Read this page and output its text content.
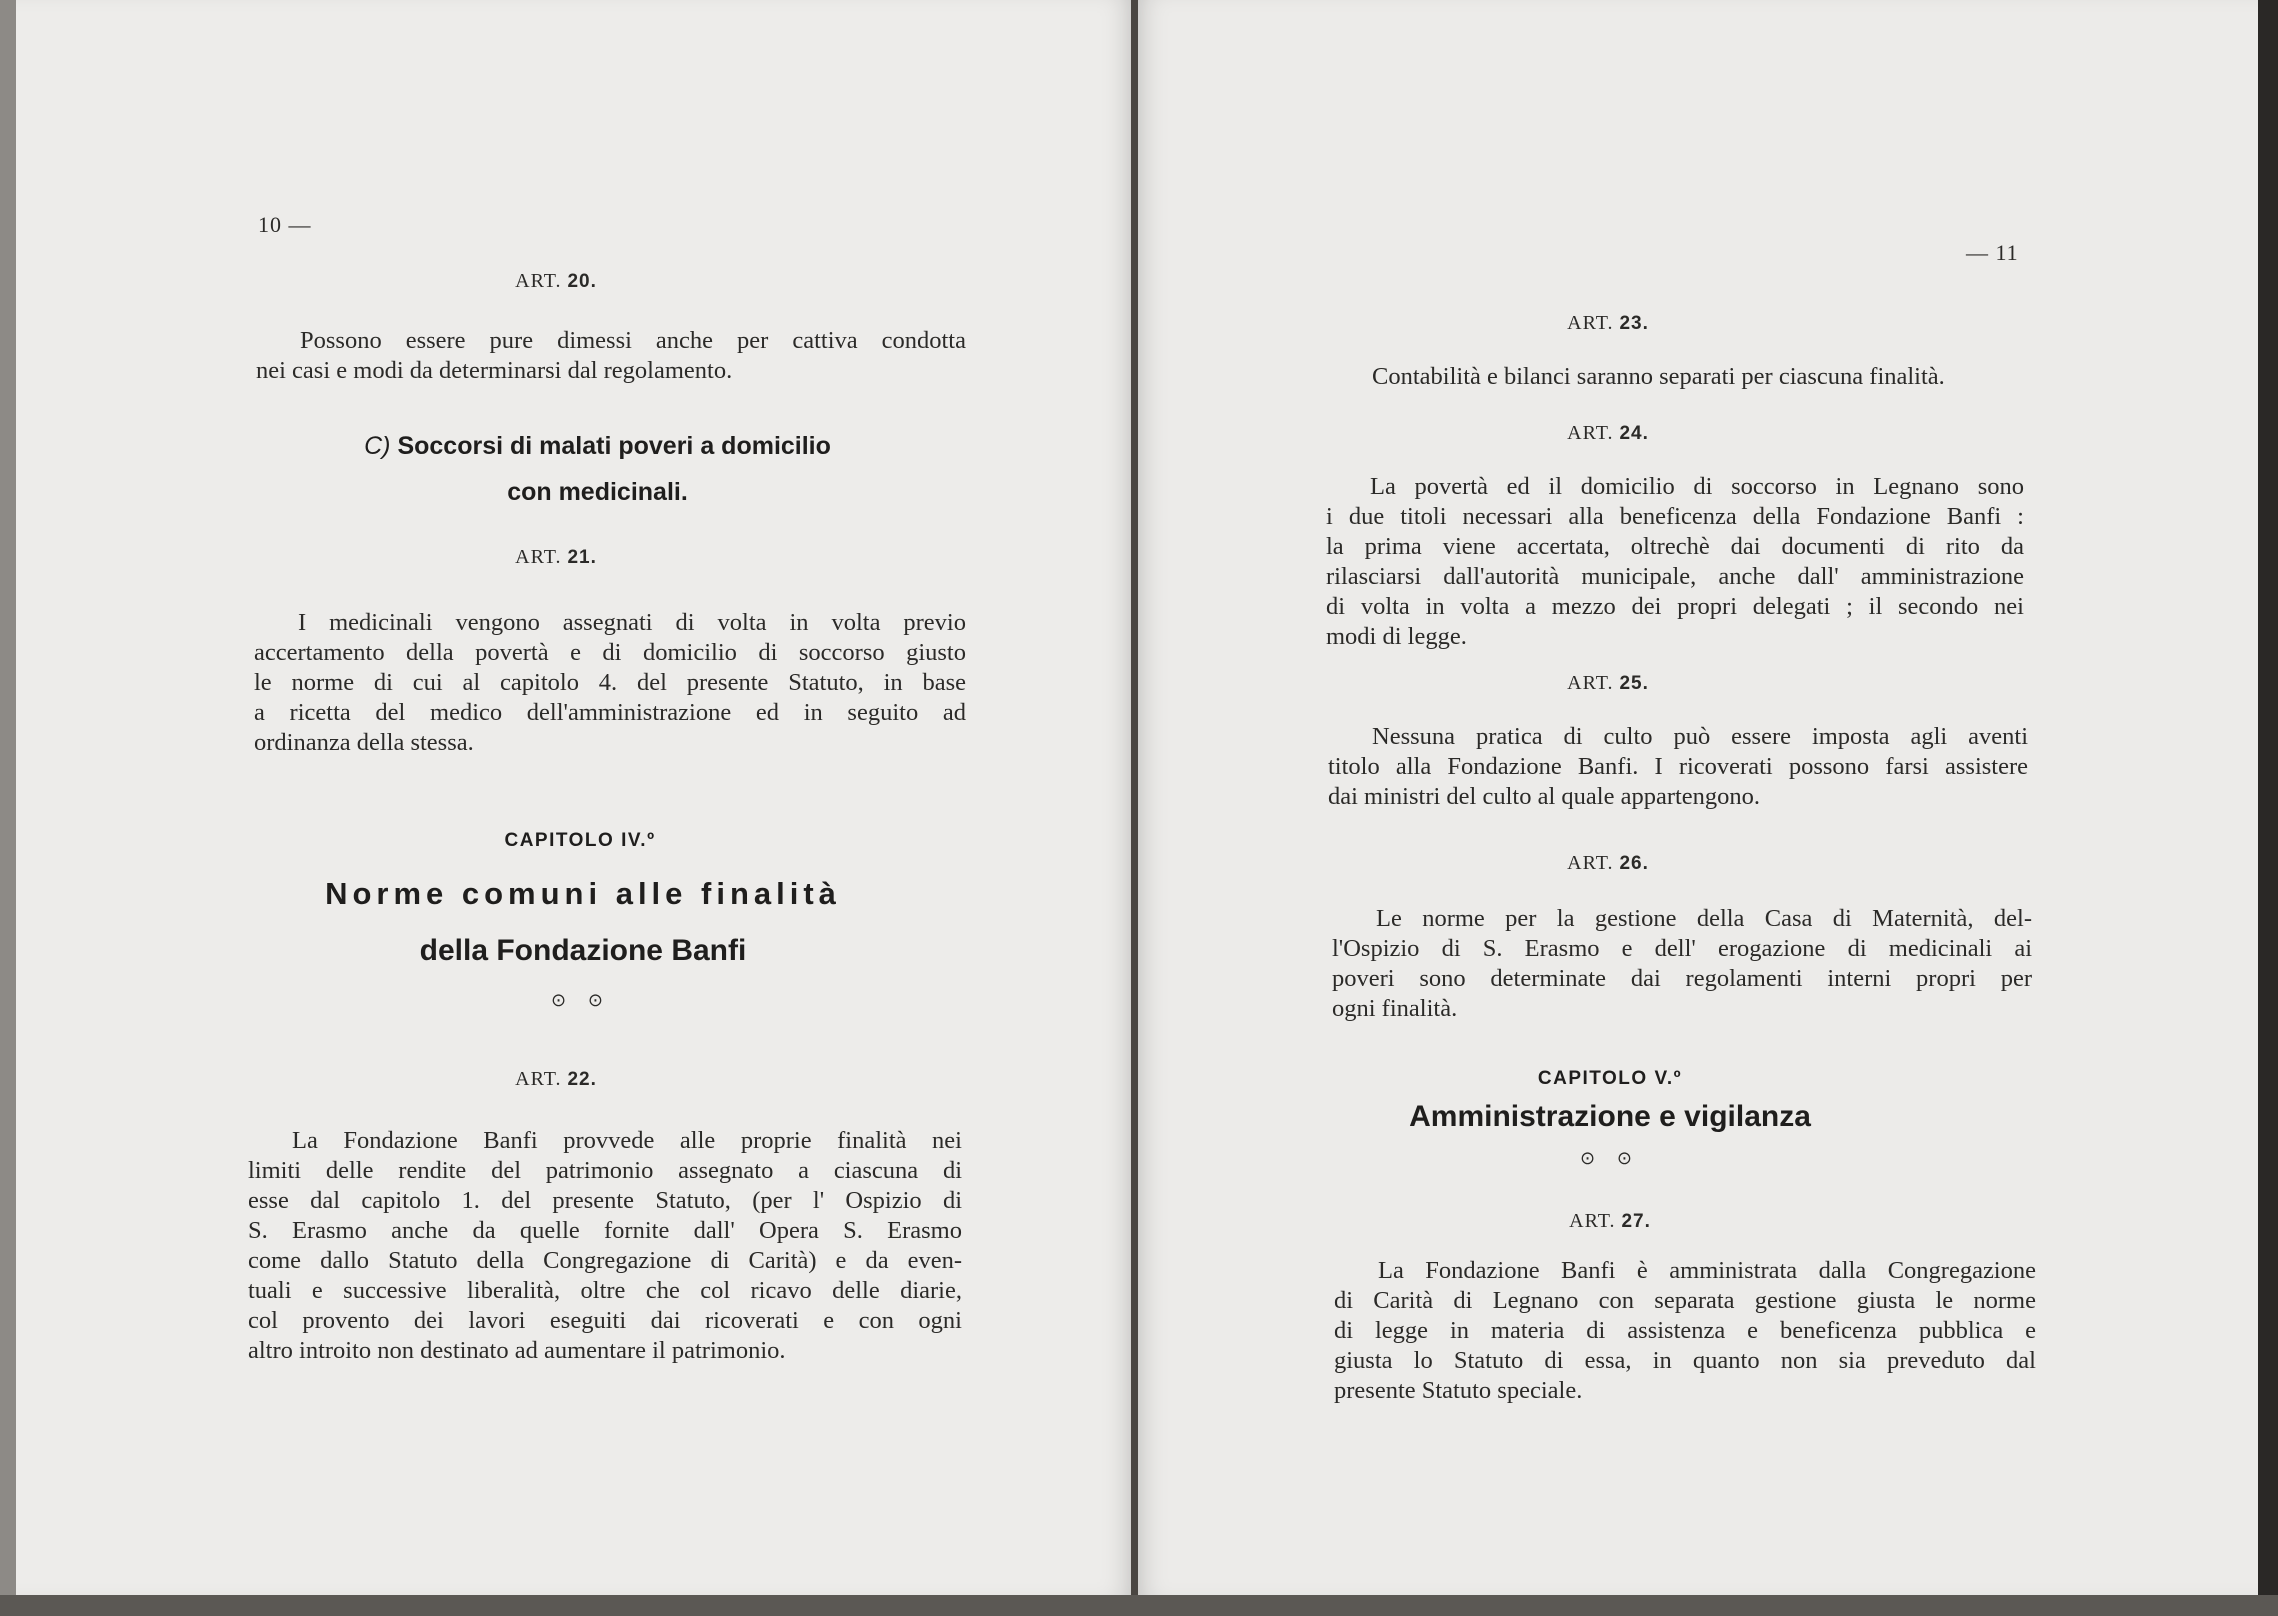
10 —
ART. 20.
Possono essere pure dimessi anche per cattiva condotta
nei casi e modi da determinarsi dal regolamento.
C) Soccorsi di malati poveri a domicilio
con medicinali.
ART. 21.
I medicinali vengono assegnati di volta in volta previo
accertamento della povertà e di domicilio di soccorso giusto
le norme di cui al capitolo 4. del presente Statuto, in base
a ricetta del medico dell'amministrazione ed in seguito ad
ordinanza della stessa.
CAPITOLO IV.º
Norme comuni alle finalità
della Fondazione Banfi
⊙ ⊙
ART. 22.
La Fondazione Banfi provvede alle proprie finalità nei
limiti delle rendite del patrimonio assegnato a ciascuna di
esse dal capitolo 1. del presente Statuto, (per l' Ospizio di
S. Erasmo anche da quelle fornite dall' Opera S. Erasmo
come dallo Statuto della Congregazione di Carità) e da even-
tuali e successive liberalità, oltre che col ricavo delle diarie,
col provento dei lavori eseguiti dai ricoverati e con ogni
altro introito non destinato ad aumentare il patrimonio.
— 11
ART. 23.
Contabilità e bilanci saranno separati per ciascuna finalità.
ART. 24.
La povertà ed il domicilio di soccorso in Legnano sono
i due titoli necessari alla beneficenza della Fondazione Banfi :
la prima viene accertata, oltrechè dai documenti di rito da
rilasciarsi dall'autorità municipale, anche dall' amministrazione
di volta in volta a mezzo dei propri delegati ; il secondo nei
modi di legge.
ART. 25.
Nessuna pratica di culto può essere imposta agli aventi
titolo alla Fondazione Banfi. I ricoverati possono farsi assistere
dai ministri del culto al quale appartengono.
ART. 26.
Le norme per la gestione della Casa di Maternità, del-
l'Ospizio di S. Erasmo e dell' erogazione di medicinali ai
poveri sono determinate dai regolamenti interni propri per
ogni finalità.
CAPITOLO V.º
Amministrazione e vigilanza
⊙ ⊙
ART. 27.
La Fondazione Banfi è amministrata dalla Congregazione
di Carità di Legnano con separata gestione giusta le norme
di legge in materia di assistenza e beneficenza pubblica e
giusta lo Statuto di essa, in quanto non sia preveduto dal
presente Statuto speciale.
